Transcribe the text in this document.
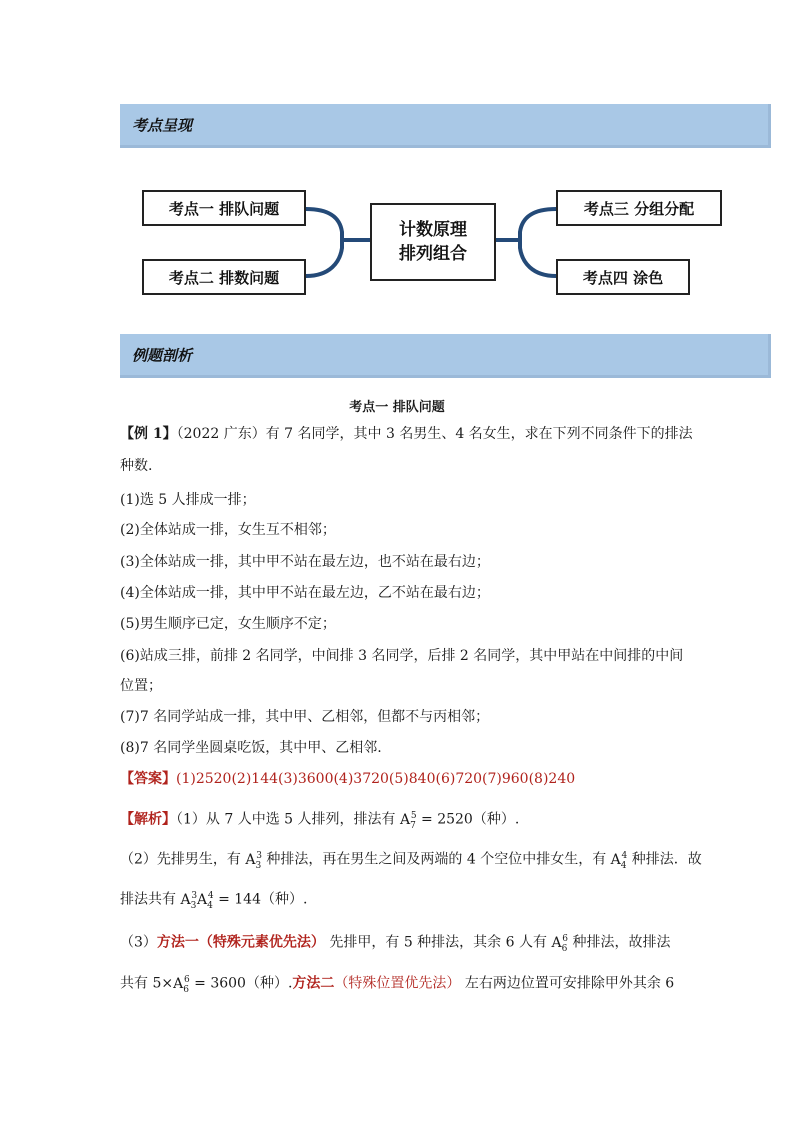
考点呈现
考点一 排队问题
考点二 排数问题
计数原理
排列组合
考点三 分组分配
考点四 涂色
例题剖析
考点一 排队问题
【例 1】（2022 广东）有 7 名同学，其中 3 名男生、4 名女生，求在下列不同条件下的排法
种数.
(1)选 5 人排成一排；
(2)全体站成一排，女生互不相邻；
(3)全体站成一排，其中甲不站在最左边，也不站在最右边；
(4)全体站成一排，其中甲不站在最左边，乙不站在最右边；
(5)男生顺序已定，女生顺序不定；
(6)站成三排，前排 2 名同学，中间排 3 名同学，后排 2 名同学，其中甲站在中间排的中间
位置；
(7)7 名同学站成一排，其中甲、乙相邻，但都不与丙相邻；
(8)7 名同学坐圆桌吃饭，其中甲、乙相邻.
【答案】(1)2520(2)144(3)3600(4)3720(5)840(6)720(7)960(8)240
【解析】（1）从 7 人中选 5 人排列，排法有 $A_7^5 = 2520$（种）.
（2）先排男生，有 $A_3^3$ 种排法，再在男生之间及两端的 4 个空位中排女生，有 $A_4^4$ 种排法．故
排法共有 $A_3^3A_4^4 = 144$（种）.
（3）方法一（特殊元素优先法） 先排甲，有 5 种排法，其余 6 人有 $A_6^6$ 种排法，故排法
共有 $5\times A_6^6 = 3600$（种）.方法二（特殊位置优先法） 左右两边位置可安排除甲外其余 6
